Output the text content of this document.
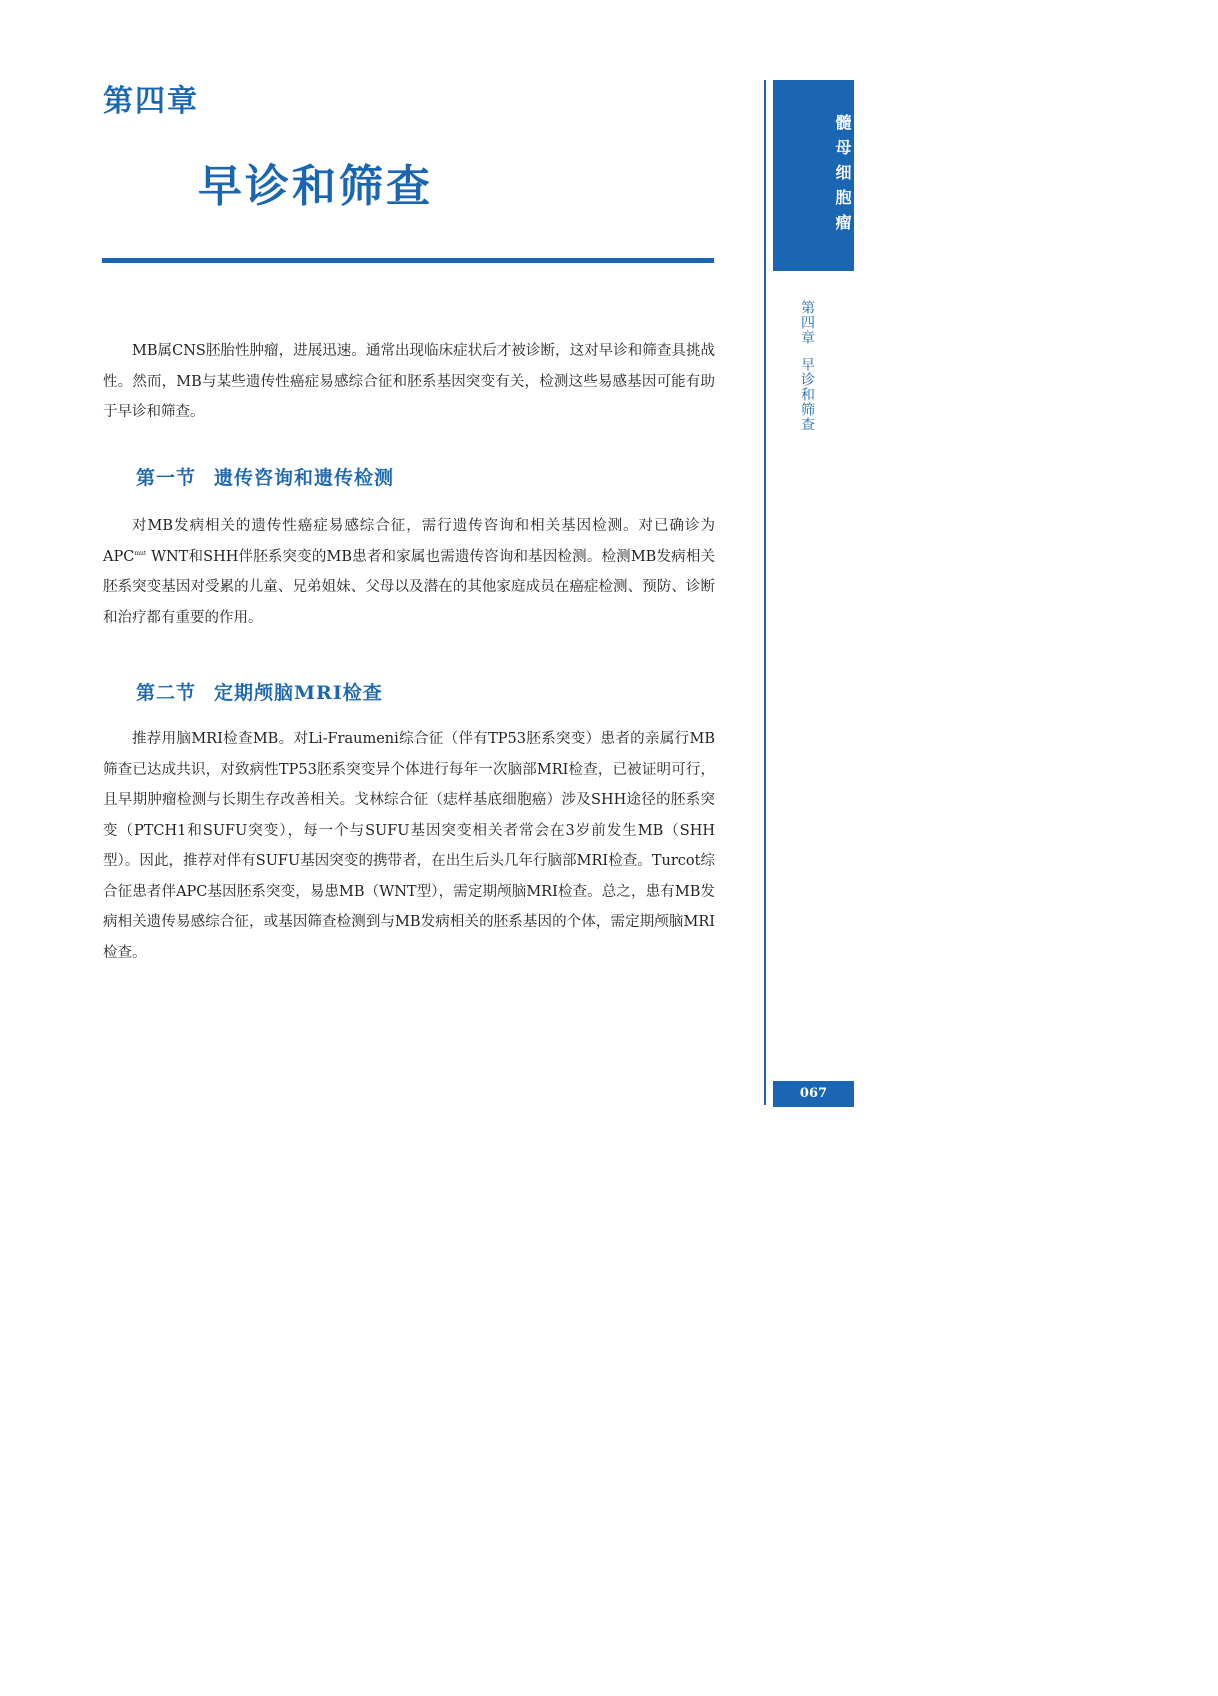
第四章
早诊和筛查

MB属CNS胚胎性肿瘤，进展迅速。通常出现临床症状后才被诊断，这对早诊和筛查具挑战性。然而，MB与某些遗传性癌症易感综合征和胚系基因突变有关，检测这些易感基因可能有助于早诊和筛查。

第一节 遗传咨询和遗传检测

对MB发病相关的遗传性癌症易感综合征，需行遗传咨询和相关基因检测。对已确诊为$APC^{mut}$ WNT和SHH伴胚系突变的MB患者和家属也需遗传咨询和基因检测。检测MB发病相关胚系突变基因对受累的儿童、兄弟姐妹、父母以及潜在的其他家庭成员在癌症检测、预防、诊断和治疗都有重要的作用。

第二节 定期颅脑MRI检查

推荐用脑MRI检查MB。对Li-Fraumeni综合征（伴有TP53胚系突变）患者的亲属行MB筛查已达成共识，对致病性TP53胚系突变异个体进行每年一次脑部MRI检查，已被证明可行，且早期肿瘤检测与长期生存改善相关。戈林综合征（痣样基底细胞癌）涉及SHH途径的胚系突变（PTCH1和SUFU突变），每一个与SUFU基因突变相关者常会在3岁前发生MB（SHH型）。因此，推荐对伴有SUFU基因突变的携带者，在出生后头几年行脑部MRI检查。Turcot综合征患者伴APC基因胚系突变，易患MB（WNT型），需定期颅脑MRI检查。总之，患有MB发病相关遗传易感综合征，或基因筛查检测到与MB发病相关的胚系基因的个体，需定期颅脑MRI检查。

髓母细胞瘤
第四章早诊和筛查
067
